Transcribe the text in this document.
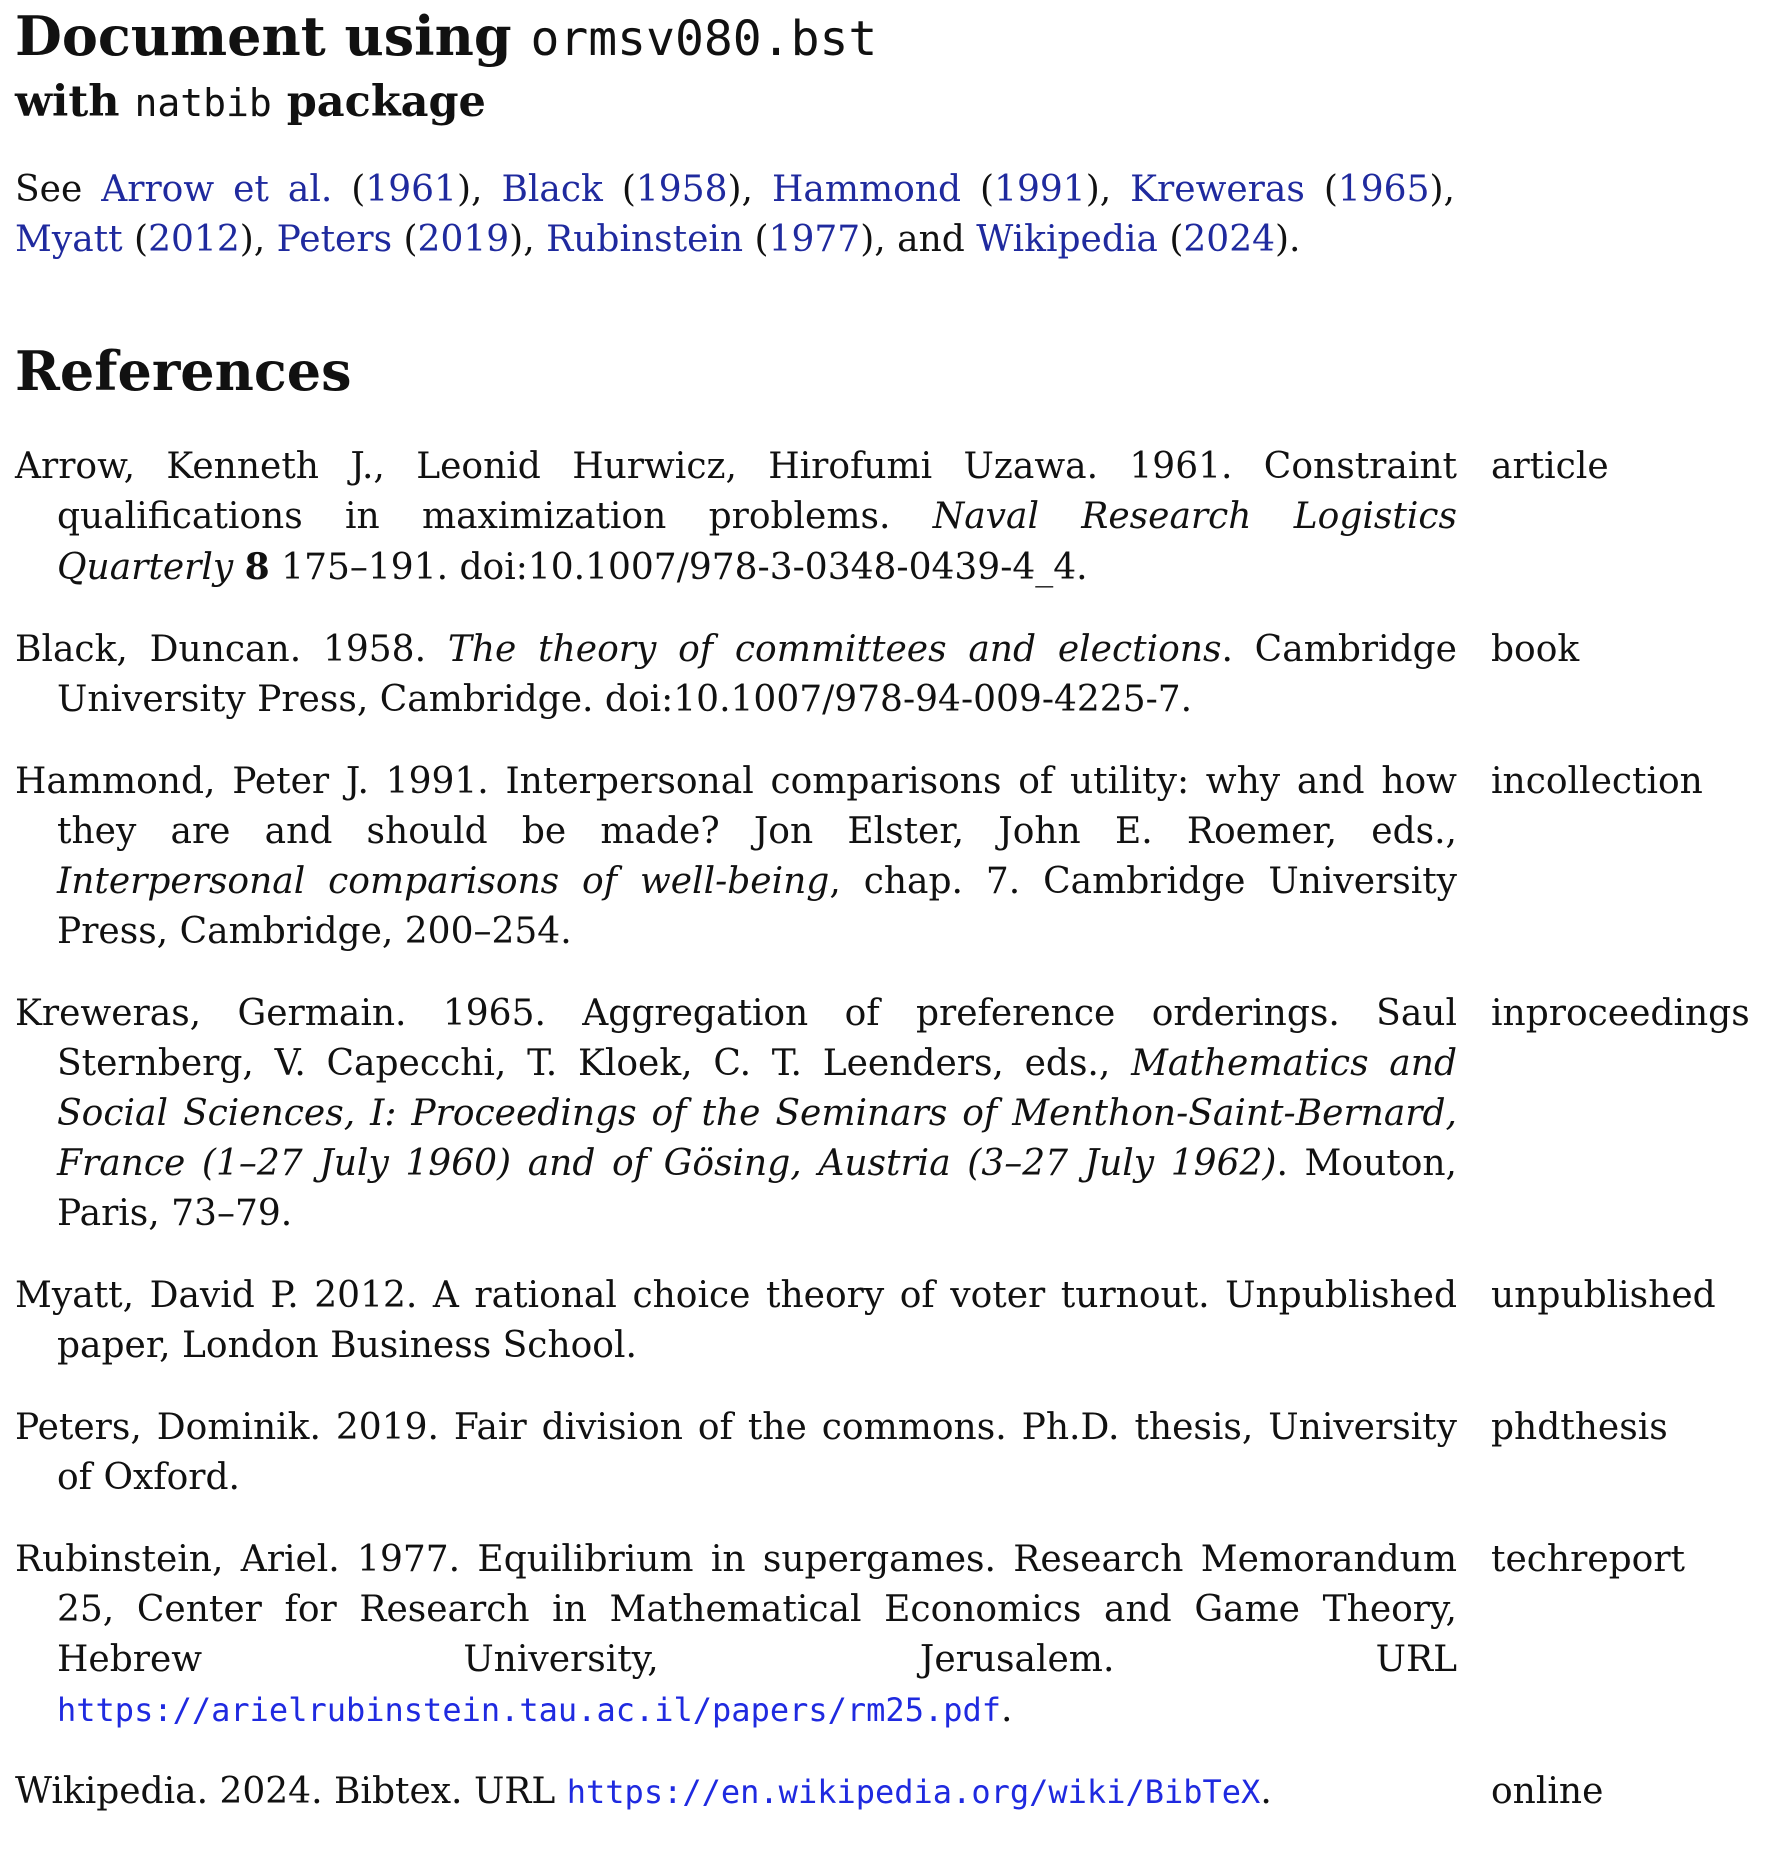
Document using ormsv080.bst
with natbib package

See Arrow et al. (1961), Black (1958), Hammond (1991), Kreweras (1965), Myatt (2012), Peters (2019), Rubinstein (1977), and Wikipedia (2024).

References
Arrow, Kenneth J., Leonid Hurwicz, Hirofumi Uzawa. 1961. Constraint qualifications in maximization problems. Naval Research Logistics Quarterly 8 175–191. doi:10.1007/978-3-0348-0439-4_4.
article
Black, Duncan. 1958. The theory of committees and elections. Cambridge University Press, Cambridge. doi:10.1007/978-94-009-4225-7.
book
Hammond, Peter J. 1991. Interpersonal comparisons of utility: why and how they are and should be made? Jon Elster, John E. Roemer, eds., Interpersonal comparisons of well-being, chap. 7. Cambridge University Press, Cambridge, 200–254.
incollection
Kreweras, Germain. 1965. Aggregation of preference orderings. Saul Sternberg, V. Capecchi, T. Kloek, C. T. Leenders, eds., Mathematics and Social Sciences, I: Proceedings of the Seminars of Menthon-Saint-Bernard, France (1–27 July 1960) and of Gösing, Austria (3–27 July 1962). Mouton, Paris, 73–79.
inproceedings
Myatt, David P. 2012. A rational choice theory of voter turnout. Unpublished paper, London Business School.
unpublished
Peters, Dominik. 2019. Fair division of the commons. Ph.D. thesis, University of Oxford.
phdthesis
Rubinstein, Ariel. 1977. Equilibrium in supergames. Research Memorandum 25, Center for Research in Mathematical Economics and Game Theory, Hebrew University, Jerusalem. URL https://arielrubinstein.tau.ac.il/papers/rm25.pdf.
techreport
Wikipedia. 2024. Bibtex. URL https://en.wikipedia.org/wiki/BibTeX.	online
